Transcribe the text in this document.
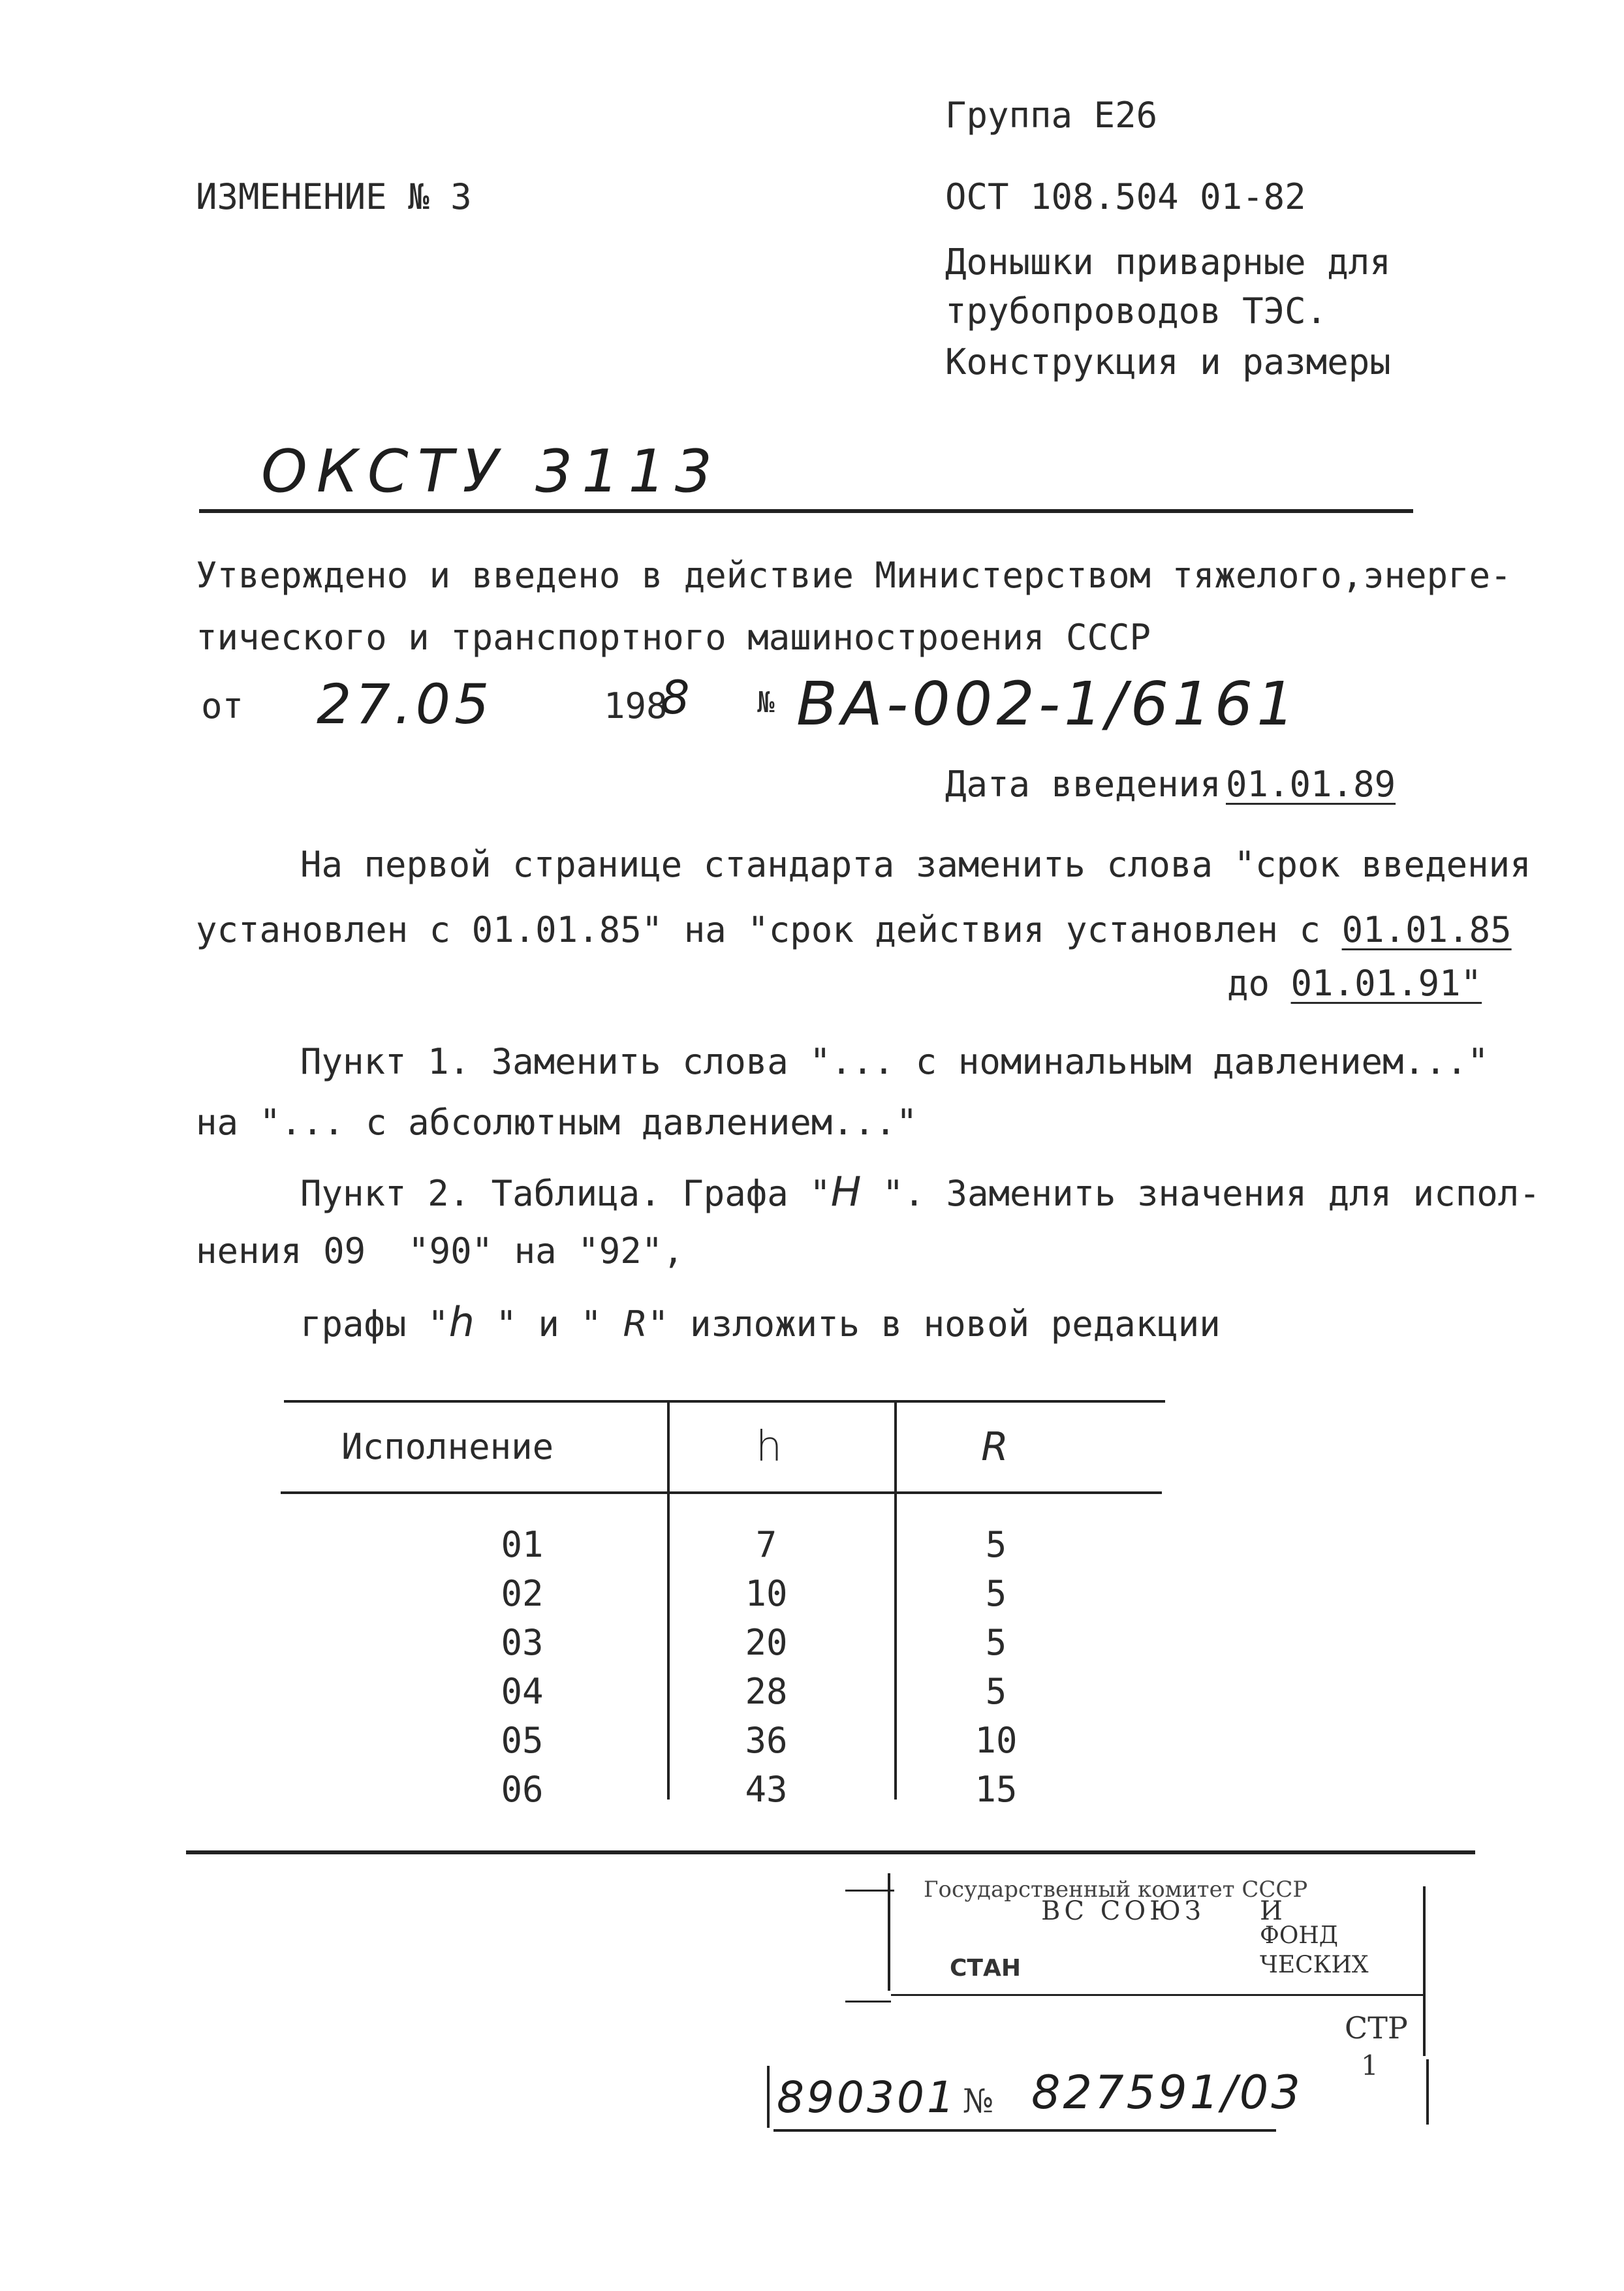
Группа Е26
ИЗМЕНЕНИЕ № 3	ОСТ 108.504 01-82
Донышки приварные для
трубопроводов ТЭС.
Конструкция и размеры
ОКСТУ 3113
Утверждено и введено в действие Министерством тяжелого,энерге-
тического и транспортного машиностроения СССР
от 27.05	198
8 № ВА-002-1/6161
Дата введения 01.01.89
На первой странице стандарта заменить слова "срок введения
установлен с 01.01.85" на "срок действия установлен с 01.01.85
до 01.01.91"
Пункт 1. Заменить слова "... с номинальным давлением..."
на "... с абсолютным давлением..."
Пункт 2. Таблица. Графа "H ". Заменить значения для испол-
нения 09  "90" на "92",
графы "h " и " R" изложить в новой редакции
Исполнение	h	R
01	7	5
02	10	5
03	20	5
04	28	5
05	36	10
06	43	15
Государственный комитет СССР
ВС СОЮЗ И
СТАН
ФОНД
ЧЕСКИХ
СТР
1
890301 № 827591/03
